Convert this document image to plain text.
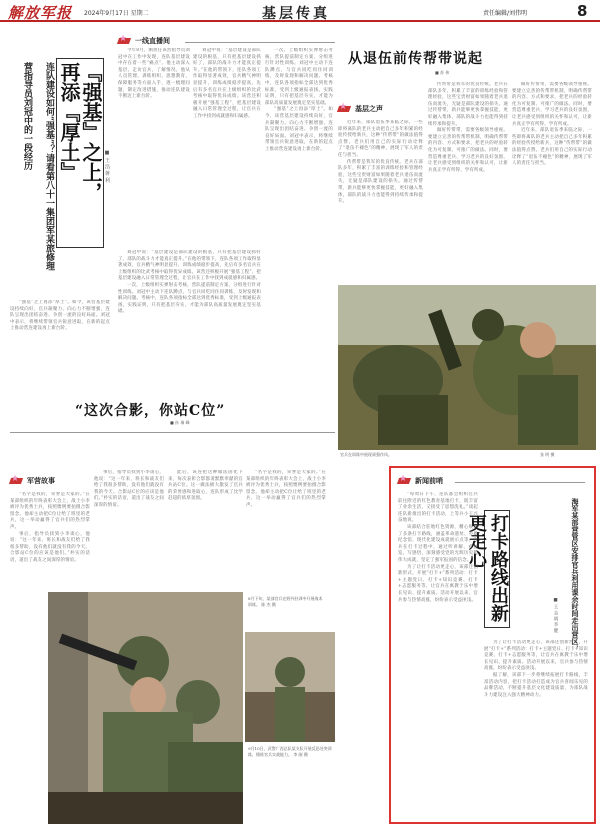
解放军报 2024年9月17日 星期二	基层传真	责任编辑/刘伟明	8
★
一线直播间
『强基』之上，
再添『厚土』
连队建设如何“强基”？请看第八十一集团军某旅修理
营指导员刘冠中的一段经历	■ 王 浩 蒋 利

今年8月，刚担任该营指导员刘冠中在工作中发现，连队基层建设中存在着一些“痛点”。他主动深入基层，走访官兵，了解情况。他从人员管理、训练组织、思想教育、保障服务等方面入手，逐一梳理问题，制定改进措施，推动连队建设不断迈上新台阶。

刘冠中说：“基层建设是部队建设的根基，只有把基层建设抓好了，部队的战斗力才能真正提升。”在他的带领下，连队各项工作取得显著成效，官兵精气神明显提升，训练成绩稳步提高，先后有多名官兵在上级组织的比武考核中取得优异成绩。该营还积极开展“强基工程”，把基层建设融入日常管理全过程，让官兵在工作中找到成就感和归属感。

一次，上级组织实弹射击考核，营队提前制定方案，分组进行针对性训练。刘冠中主动下连队蹲点，与官兵同吃同住同训练，及时发现和解决问题。考核中，连队各项指标全部达到优秀标准，受到上级通报表扬。实践证明，只有把基层夯实，才能为部队高质量发展奠定坚实基础。

“强基”之上再添“厚土”。如今，该营基层建设持续向好，官兵凝聚力、向心力不断增强，连队呈现出团结奋进、争创一流的良好局面。刘冠中表示，将继续带领官兵锐意进取，在新的起点上推动营连建设再上新台阶。

“强基”之上再添“厚土”。如今，该营基层建设持续向好，官兵凝聚力、向心力不断增强，连队呈现出团结奋进、争创一流的良好局面。刘冠中表示，将继续带领官兵锐意进取，在新的起点上推动营连建设再上新台阶。

刘冠中说：“基层建设是部队建设的根基，只有把基层建设抓好了，部队的战斗力才能真正提升。”在他的带领下，连队各项工作取得显著成效，官兵精气神明显提升，训练成绩稳步提高，先后有多名官兵在上级组织的比武考核中取得优异成绩。该营还积极开展“强基工程”，把基层建设融入日常管理全过程，让官兵在工作中找到成就感和归属感。

一次，上级组织实弹射击考核，营队提前制定方案，分组进行针对性训练。刘冠中主动下连队蹲点，与官兵同吃同住同训练，及时发现和解决问题。考核中，连队各项指标全部达到优秀标准，受到上级通报表扬。实践证明，只有把基层夯实，才能为部队高质量发展奠定坚实基础。

从退伍前传帮带说起
■ 苏 伟
★
基层之声

近年来，部队退伍季来临之际，一些即将离队的老兵主动把自己多年积累的经验传授给新兵，这种“传帮带”的做法值得点赞。老兵们用自己的实际行动诠释了“退伍不褪色”的精神，展现了军人的责任与担当。

传帮带是我军的优良传统。老兵在部队多年，积累了丰富的训练经验和管理经验，这些宝贵财富如果随着老兵退伍而流失，无疑是部队建设的损失。通过传帮带，新兵能够更快掌握技能，更好融入集体，部队的战斗力也能得到持续传承和提升。

传帮带是我军的优良传统。老兵在部队多年，积累了丰富的训练经验和管理经验，这些宝贵财富如果随着老兵退伍而流失，无疑是部队建设的损失。通过传帮带，新兵能够更快掌握技能，更好融入集体，部队的战斗力也能得到持续传承和提升。

做好传帮带，需要各级领导重视。要建立完善的传帮带机制，明确传帮带的内容、方式和要求，把老兵的经验转化为可复制、可推广的做法。同时，要营造尊重老兵、学习老兵的良好氛围，让老兵感受到组织的关怀和认可，让新兵真正学有所得、学有所成。

做好传帮带，需要各级领导重视。要建立完善的传帮带机制，明确传帮带的内容、方式和要求，把老兵的经验转化为可复制、可推广的做法。同时，要营造尊重老兵、学习老兵的良好氛围，让老兵感受到组织的关怀和认可，让新兵真正学有所得、学有所成。

近年来，部队退伍季来临之际，一些即将离队的老兵主动把自己多年积累的经验传授给新兵，这种“传帮带”的做法值得点赞。老兵们用自己的实际行动诠释了“退伍不褪色”的精神，展现了军人的责任与担当。

官兵在训练中展现顽强作风。	张 明 摄
“这次合影，你站C位”
■ 孙 瑞 峰
★
军营故事

“名字是我的，荣誉是大家的。”在某部组织的年终表彰大会上，战士小李被评为优秀士兵，按照惯例要拍摄合影留念。他却主动把C位让给了班里的老兵，这一举动赢得了官兵们的热烈掌声。

事后，指导员找到小李谈心，他说：“这一年来，班长和战友们给了我很多帮助，没有他们就没有我的今天。合影站C位的应该是他们。”朴实的话语，道出了战友之间深厚的情谊。

事后，指导员找到小李谈心，他说：“这一年来，班长和战友们给了我很多帮助，没有他们就没有我的今天。合影站C位的应该是他们。”朴实的话语，道出了战友之间深厚的情谊。

此后，该连把这种做法固化下来，每次表彰合影都请默默奉献的官兵站C位。这一做法极大激发了官兵的荣誉感和进取心，连队形成了比学赶超的浓厚氛围。

“名字是我的，荣誉是大家的。”在某部组织的年终表彰大会上，战士小李被评为优秀士兵，按照惯例要拍摄合影留念。他却主动把C位让给了班里的老兵，这一举动赢得了官兵们的热烈掌声。

8月下旬，某部官兵在野外驻训中开展战术训练。 陈 杰 摄
9月10日，武警广西总队某支队开展反恐处突训练，锤炼官兵实战能力。 李 刚 摄
★
新闻前哨
打卡路线出新更走心	海军某部营管区安排官兵利用课余时间走出营区，
■ 王 志 明 李 健

“每周日下午，连队都会组织官兵前往附近的红色教育基地打卡，既丰富了业余生活，又接受了思想洗礼。”谈起连队新推出的打卡活动，上等兵小王兴奋地说。

该部结合驻地红色资源，精心规划了多条打卡路线，涵盖革命遗址、英雄纪念馆、现代化建设成就展示点等。官兵在打卡过程中，通过听讲解、看展览、写感悟，深刻感受党的光辉历史和伟大成就，坚定了强军报国的信念。

为了让打卡活动更走心，该部还创新形式，开展“打卡+”系列活动：打卡+主题党日、打卡+知识竞赛、打卡+志愿服务等，让官兵在寓教于乐中增长见识、提升素质。活动开展以来，官兵参与热情高涨，纷纷表示受益匪浅。

为了让打卡活动更走心，该部还创新形式，开展“打卡+”系列活动：打卡+主题党日、打卡+知识竞赛、打卡+志愿服务等，让官兵在寓教于乐中增长见识、提升素质。活动开展以来，官兵参与热情高涨，纷纷表示受益匪浅。

据了解，该部下一步将继续拓展打卡路线，丰富活动内容，把打卡活动打造成为官兵喜闻乐见的品牌活动，不断提升基层文化建设质量，为部队战斗力建设注入强大精神动力。
